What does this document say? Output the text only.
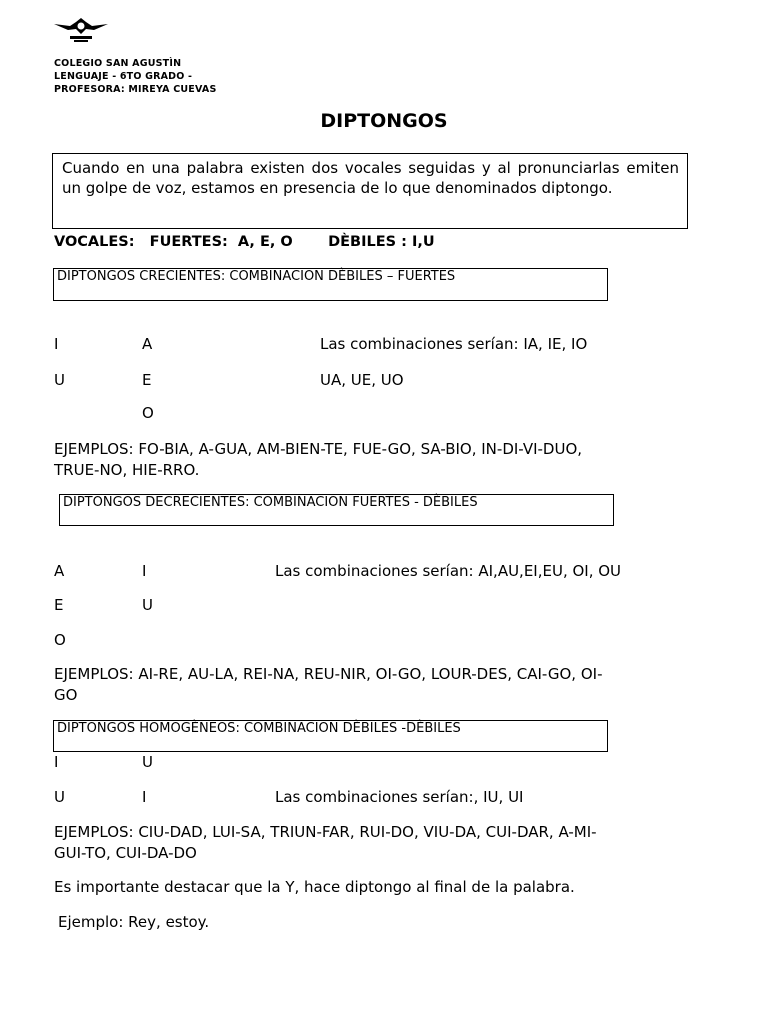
COLEGIO SAN AGUSTÌN
LENGUAJE - 6TO GRADO -
PROFESORA: MIREYA CUEVAS
DIPTONGOS
Cuando en una palabra existen dos vocales seguidas y al pronunciarlas emiten un golpe de voz, estamos en presencia de lo que denominados diptongo.
VOCALES:   FUERTES:  A, E, O       DÈBILES : I,U
DIPTONGOS CRECIENTES: COMBINACION DÈBILES – FUERTES
I
U
A
E
O
Las combinaciones serían: IA, IE, IO
UA, UE, UO
EJEMPLOS: FO-BIA, A-GUA, AM-BIEN-TE, FUE-GO, SA-BIO, IN-DI-VI-DUO,
TRUE-NO, HIE-RRO.
DIPTONGOS DECRECIENTES: COMBINACION FUERTES - DÈBILES
A
E
O
I
U
Las combinaciones serían: AI,AU,EI,EU, OI, OU
EJEMPLOS: AI-RE, AU-LA, REI-NA, REU-NIR, OI-GO, LOUR-DES, CAI-GO, OI-
GO
DIPTONGOS HOMOGÈNEOS: COMBINACION DÈBILES -DÈBILES
I
U
U
I	Las combinaciones serían:, IU, UI
EJEMPLOS: CIU-DAD, LUI-SA, TRIUN-FAR, RUI-DO, VIU-DA, CUI-DAR, A-MI-
GUI-TO, CUI-DA-DO
Es importante destacar que la Y, hace diptongo al final de la palabra.
Ejemplo: Rey, estoy.
